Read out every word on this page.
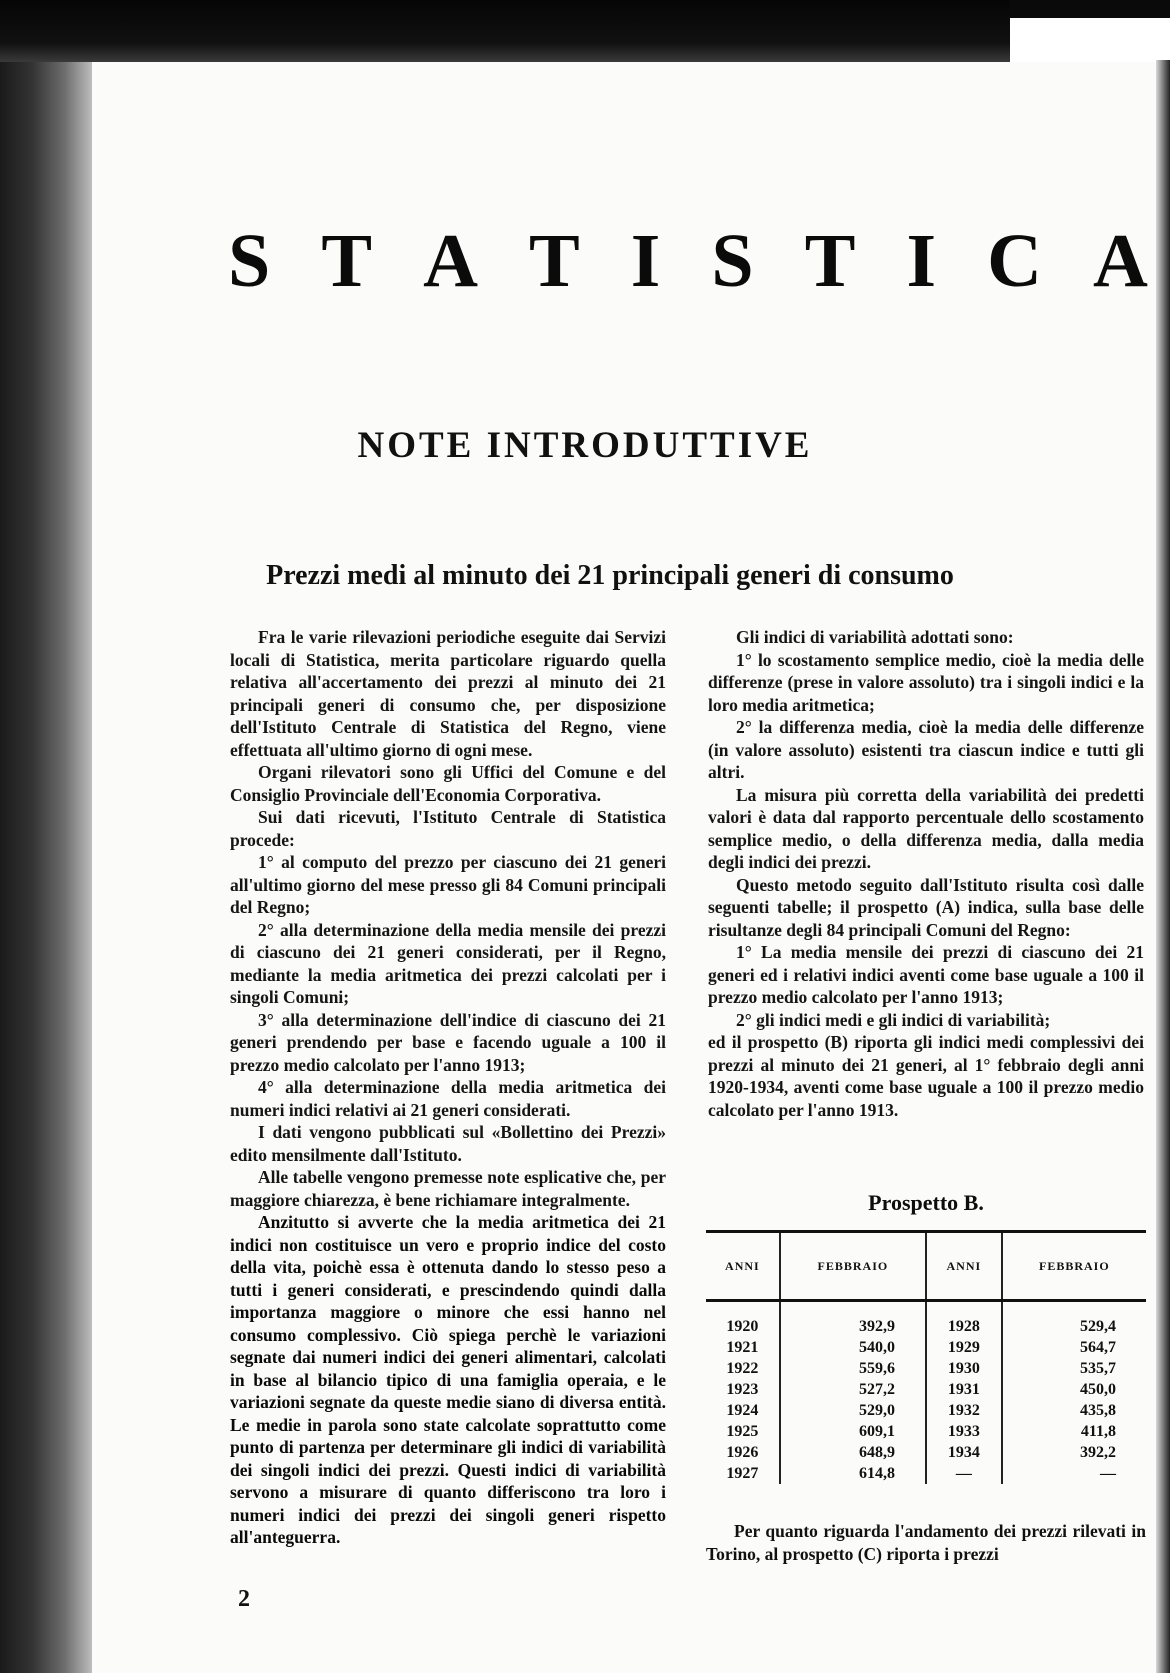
S T A T I S T I C A
NOTE INTRODUTTIVE
Prezzi medi al minuto dei 21 principali generi di consumo

Fra le varie rilevazioni periodiche eseguite dai Servizi locali di Statistica, merita particolare riguardo quella relativa all'accertamento dei prezzi al minuto dei 21 principali generi di consumo che, per disposizione dell'Istituto Centrale di Statistica del Regno, viene effettuata all'ultimo giorno di ogni mese.

Organi rilevatori sono gli Uffici del Comune e del Consiglio Provinciale dell'Economia Corporativa.

Sui dati ricevuti, l'Istituto Centrale di Statistica procede:

1° al computo del prezzo per ciascuno dei 21 generi all'ultimo giorno del mese presso gli 84 Comuni principali del Regno;

2° alla determinazione della media mensile dei prezzi di ciascuno dei 21 generi considerati, per il Regno, mediante la media aritmetica dei prezzi calcolati per i singoli Comuni;

3° alla determinazione dell'indice di ciascuno dei 21 generi prendendo per base e facendo uguale a 100 il prezzo medio calcolato per l'anno 1913;

4° alla determinazione della media aritmetica dei numeri indici relativi ai 21 generi considerati.

I dati vengono pubblicati sul «Bollettino dei Prezzi» edito mensilmente dall'Istituto.

Alle tabelle vengono premesse note esplicative che, per maggiore chiarezza, è bene richiamare integralmente.

Anzitutto si avverte che la media aritmetica dei 21 indici non costituisce un vero e proprio indice del costo della vita, poichè essa è ottenuta dando lo stesso peso a tutti i generi considerati, e prescindendo quindi dalla importanza maggiore o minore che essi hanno nel consumo complessivo. Ciò spiega perchè le variazioni segnate dai numeri indici dei generi alimentari, calcolati in base al bilancio tipico di una famiglia operaia, e le variazioni segnate da queste medie siano di diversa entità. Le medie in parola sono state calcolate soprattutto come punto di partenza per determinare gli indici di variabilità dei singoli indici dei prezzi. Questi indici di variabilità servono a misurare di quanto differiscono tra loro i numeri indici dei prezzi dei singoli generi rispetto all'anteguerra.

Gli indici di variabilità adottati sono:

1° lo scostamento semplice medio, cioè la media delle differenze (prese in valore assoluto) tra i singoli indici e la loro media aritmetica;

2° la differenza media, cioè la media delle differenze (in valore assoluto) esistenti tra ciascun indice e tutti gli altri.

La misura più corretta della variabilità dei predetti valori è data dal rapporto percentuale dello scostamento semplice medio, o della differenza media, dalla media degli indici dei prezzi.

Questo metodo seguito dall'Istituto risulta così dalle seguenti tabelle; il prospetto (A) indica, sulla base delle risultanze degli 84 principali Comuni del Regno:

1° La media mensile dei prezzi di ciascuno dei 21 generi ed i relativi indici aventi come base uguale a 100 il prezzo medio calcolato per l'anno 1913;

2° gli indici medi e gli indici di variabilità;

ed il prospetto (B) riporta gli indici medi complessivi dei prezzi al minuto dei 21 generi, al 1° febbraio degli anni 1920-1934, aventi come base uguale a 100 il prezzo medio calcolato per l'anno 1913.

Prospetto B.
ANNI	FEBBRAIO	ANNI	FEBBRAIO
1920	392,9	1928	529,4
1921	540,0	1929	564,7
1922	559,6	1930	535,7
1923	527,2	1931	450,0
1924	529,0	1932	435,8
1925	609,1	1933	411,8
1926	648,9	1934	392,2
1927	614,8	—	—
Per quanto riguarda l'andamento dei prezzi rilevati in Torino, al prospetto (C) riporta i prezzi
2
